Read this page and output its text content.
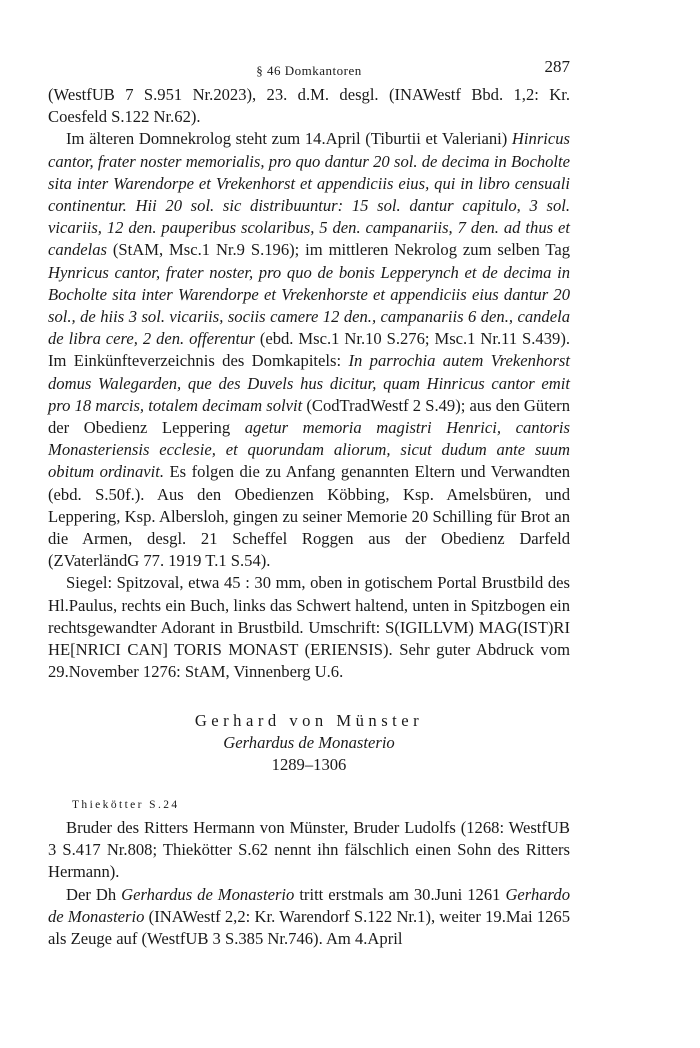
§ 46 Domkantoren	287

(WestfUB 7 S.951 Nr.2023), 23. d.M. desgl. (INAWestf Bbd. 1,2: Kr. Coesfeld S.122 Nr.62).

Im älteren Domnekrolog steht zum 14.April (Tiburtii et Valeriani) Hinricus cantor, frater noster memorialis, pro quo dantur 20 sol. de decima in Bocholte sita inter Warendorpe et Vrekenhorst et appendiciis eius, qui in libro censuali continentur. Hii 20 sol. sic distribuuntur: 15 sol. dantur capitulo, 3 sol. vicariis, 12 den. pauperibus scolaribus, 5 den. campanariis, 7 den. ad thus et candelas (StAM, Msc.1 Nr.9 S.196); im mittleren Nekrolog zum selben Tag Hynricus cantor, frater noster, pro quo de bonis Lepperynch et de decima in Bocholte sita inter Warendorpe et Vrekenhorste et appendiciis eius dantur 20 sol., de hiis 3 sol. vicariis, sociis camere 12 den., campanariis 6 den., candela de libra cere, 2 den. offerentur (ebd. Msc.1 Nr.10 S.276; Msc.1 Nr.11 S.439). Im Einkünfteverzeichnis des Domkapitels: In parrochia autem Vrekenhorst domus Walegarden, que des Duvels hus dicitur, quam Hinricus cantor emit pro 18 marcis, totalem decimam solvit (CodTradWestf 2 S.49); aus den Gütern der Obedienz Leppering agetur memoria magistri Henrici, cantoris Monasteriensis ecclesie, et quorundam aliorum, sicut dudum ante suum obitum ordinavit. Es folgen die zu Anfang genannten Eltern und Verwandten (ebd. S.50f.). Aus den Obedienzen Köbbing, Ksp. Amelsbüren, und Leppering, Ksp. Albersloh, gingen zu seiner Memorie 20 Schilling für Brot an die Armen, desgl. 21 Scheffel Roggen aus der Obedienz Darfeld (ZVaterländG 77. 1919 T.1 S.54).

Siegel: Spitzoval, etwa 45 : 30 mm, oben in gotischem Portal Brustbild des Hl.Paulus, rechts ein Buch, links das Schwert haltend, unten in Spitzbogen ein rechtsgewandter Adorant in Brustbild. Umschrift: S(IGILLVM) MAG(IST)RI HE[NRICI CAN] TORIS MONAST (ERIENSIS). Sehr guter Abdruck vom 29.November 1276: StAM, Vinnenberg U.6.

Gerhard von Münster
Gerhardus de Monasterio
1289–1306
Thiekötter S.24

Bruder des Ritters Hermann von Münster, Bruder Ludolfs (1268: WestfUB 3 S.417 Nr.808; Thiekötter S.62 nennt ihn fälschlich einen Sohn des Ritters Hermann).

Der Dh Gerhardus de Monasterio tritt erstmals am 30.Juni 1261 Gerhardo de Monasterio (INAWestf 2,2: Kr. Warendorf S.122 Nr.1), weiter 19.Mai 1265 als Zeuge auf (WestfUB 3 S.385 Nr.746). Am 4.April
